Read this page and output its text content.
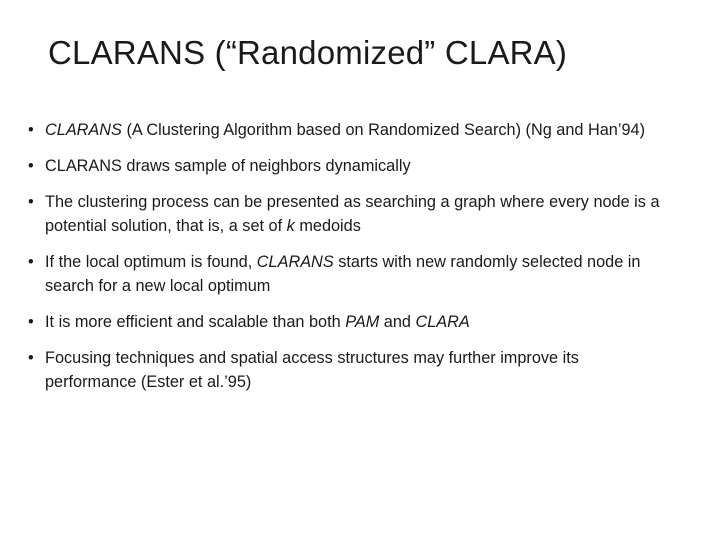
CLARANS (“Randomized” CLARA)
• CLARANS (A Clustering Algorithm based on Randomized Search) (Ng and Han’94)
• CLARANS draws sample of neighbors dynamically
• The clustering process can be presented as searching a graph where every node is a potential solution, that is, a set of k medoids
• If the local optimum is found, CLARANS starts with new randomly selected node in search for a new local optimum
• It is more efficient and scalable than both PAM and CLARA
• Focusing techniques and spatial access structures may further improve its performance (Ester et al.’95)
